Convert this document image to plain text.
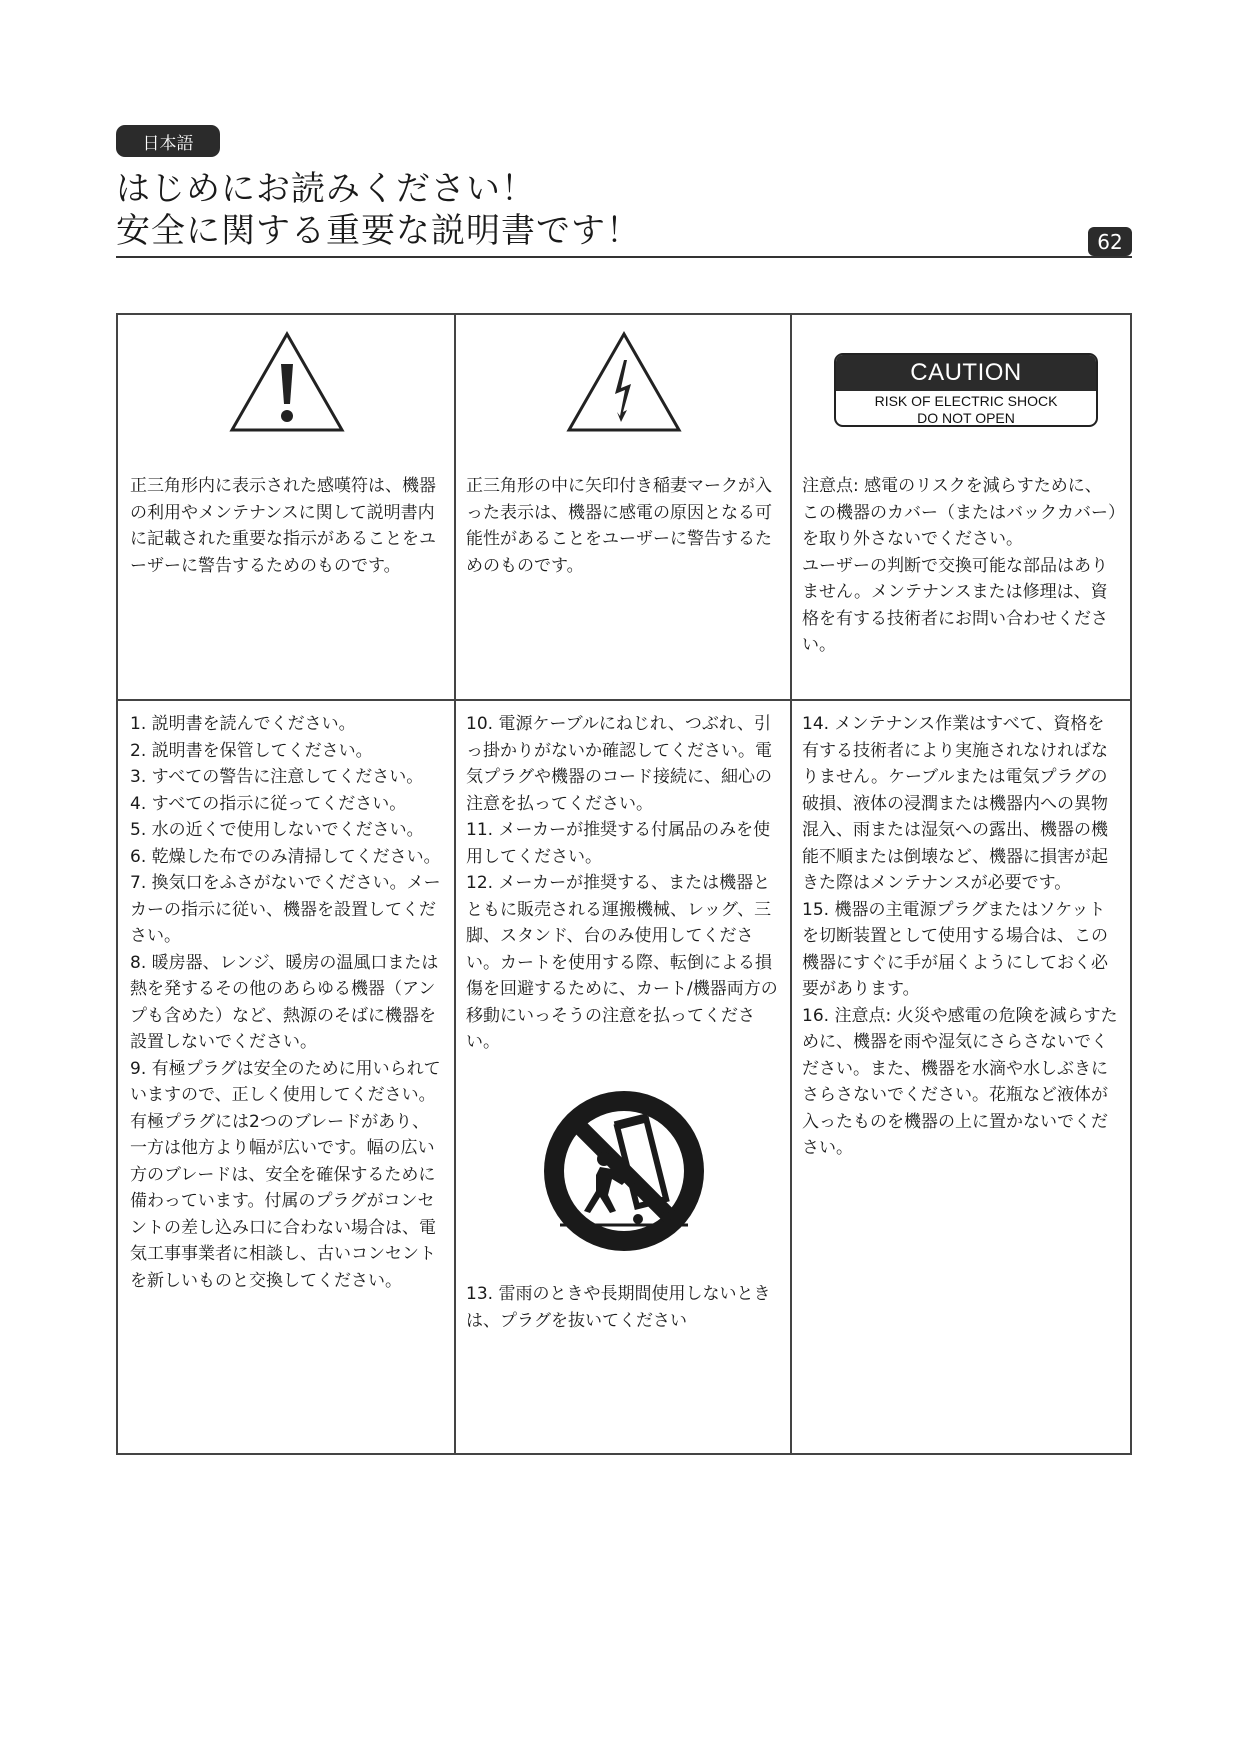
日本語
はじめにお読みください！
安全に関する重要な説明書です！	62
CAUTION
RISK OF ELECTRIC SHOCK
DO NOT OPEN

正三角形内に表示された感嘆符は、機器の利用やメンテナンスに関して説明書内に記載された重要な指示があることをユーザーに警告するためのものです。

正三角形の中に矢印付き稲妻マークが入った表示は、機器に感電の原因となる可能性があることをユーザーに警告するためのものです。

注意点: 感電のリスクを減らすために、この機器のカバー（またはバックカバー）を取り外さないでください。

ユーザーの判断で交換可能な部品はありません。メンテナンスまたは修理は、資格を有する技術者にお問い合わせください。

1. 説明書を読んでください。

2. 説明書を保管してください。

3. すべての警告に注意してください。

4. すべての指示に従ってください。

5. 水の近くで使用しないでください。

6. 乾燥した布でのみ清掃してください。

7. 換気口をふさがないでください。メーカーの指示に従い、機器を設置してください。

8. 暖房器、レンジ、暖房の温風口または熱を発するその他のあらゆる機器（アンプも含めた）など、熱源のそばに機器を設置しないでください。

9. 有極プラグは安全のために用いられていますので、正しく使用してください。有極プラグには2つのブレードがあり、一方は他方より幅が広いです。幅の広い方のブレードは、安全を確保するために備わっています。付属のプラグがコンセントの差し込み口に合わない場合は、電気工事事業者に相談し、古いコンセントを新しいものと交換してください。

10. 電源ケーブルにねじれ、つぶれ、引っ掛かりがないか確認してください。電気プラグや機器のコード接続に、細心の注意を払ってください。

11. メーカーが推奨する付属品のみを使用してください。

12. メーカーが推奨する、または機器とともに販売される運搬機械、レッグ、三脚、スタンド、台のみ使用してください。カートを使用する際、転倒による損傷を回避するために、カート/機器両方の移動にいっそうの注意を払ってください。

13. 雷雨のときや長期間使用しないときは、プラグを抜いてください

14. メンテナンス作業はすべて、資格を有する技術者により実施されなければなりません。ケーブルまたは電気プラグの破損、液体の浸潤または機器内への異物混入、雨または湿気への露出、機器の機能不順または倒壊など、機器に損害が起きた際はメンテナンスが必要です。

15. 機器の主電源プラグまたはソケットを切断装置として使用する場合は、この機器にすぐに手が届くようにしておく必要があります。

16. 注意点: 火災や感電の危険を減らすために、機器を雨や湿気にさらさないでください。また、機器を水滴や水しぶきにさらさないでください。花瓶など液体が入ったものを機器の上に置かないでください。
